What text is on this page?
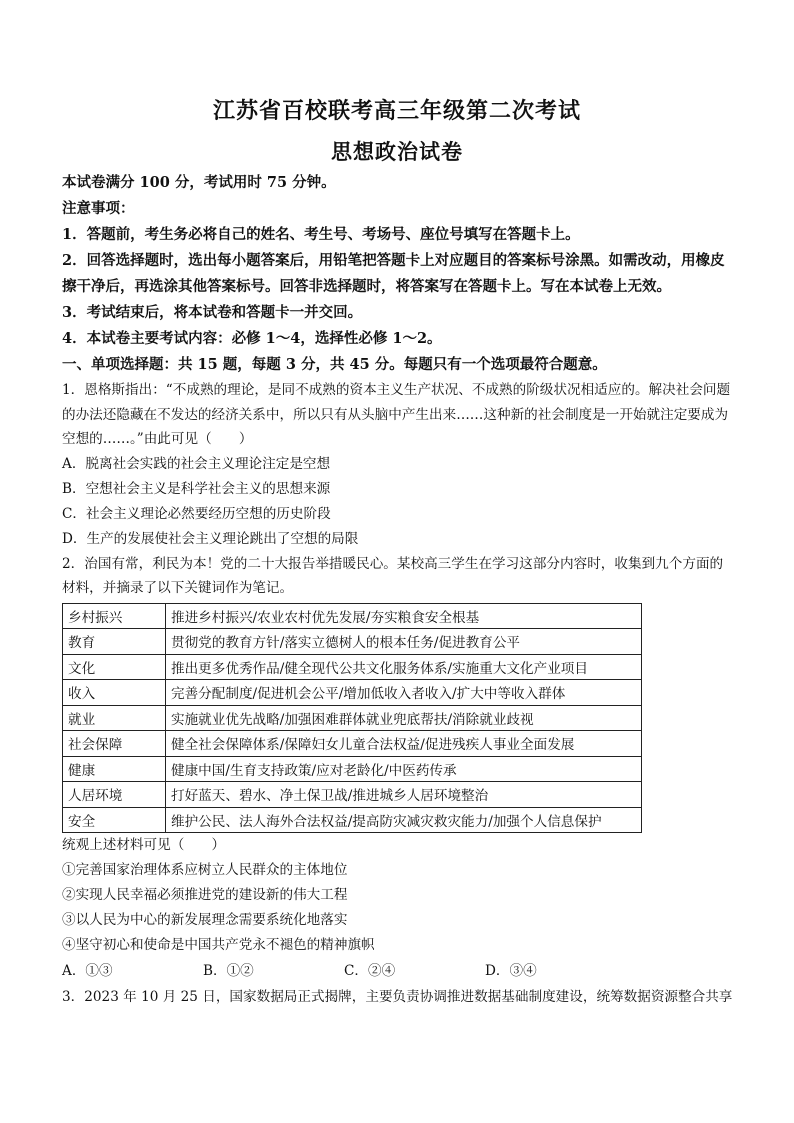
江苏省百校联考高三年级第二次考试
思想政治试卷
本试卷满分 100 分，考试用时 75 分钟。
注意事项：
1．答题前，考生务必将自己的姓名、考生号、考场号、座位号填写在答题卡上。
2．回答选择题时，选出每小题答案后，用铅笔把答题卡上对应题目的答案标号涂黑。如需改动，用橡皮擦干净后，再选涂其他答案标号。回答非选择题时，将答案写在答题卡上。写在本试卷上无效。
3．考试结束后，将本试卷和答题卡一并交回。
4．本试卷主要考试内容：必修 1～4，选择性必修 1～2。
一、单项选择题：共 15 题，每题 3 分，共 45 分。每题只有一个选项最符合题意。
1．恩格斯指出：“不成熟的理论，是同不成熟的资本主义生产状况、不成熟的阶级状况相适应的。解决社会问题的办法还隐藏在不发达的经济关系中，所以只有从头脑中产生出来……这种新的社会制度是一开始就注定要成为空想的……。”由此可见（　　）
A．脱离社会实践的社会主义理论注定是空想
B．空想社会主义是科学社会主义的思想来源
C．社会主义理论必然要经历空想的历史阶段
D．生产的发展使社会主义理论跳出了空想的局限
2．治国有常，利民为本！党的二十大报告举措暖民心。某校高三学生在学习这部分内容时，收集到九个方面的材料，并摘录了以下关键词作为笔记。
乡村振兴	推进乡村振兴/农业农村优先发展/夯实粮食安全根基
教育	贯彻党的教育方针/落实立德树人的根本任务/促进教育公平
文化	推出更多优秀作品/健全现代公共文化服务体系/实施重大文化产业项目
收入	完善分配制度/促进机会公平/增加低收入者收入/扩大中等收入群体
就业	实施就业优先战略/加强困难群体就业兜底帮扶/消除就业歧视
社会保障	健全社会保障体系/保障妇女儿童合法权益/促进残疾人事业全面发展
健康	健康中国/生育支持政策/应对老龄化/中医药传承
人居环境	打好蓝天、碧水、净土保卫战/推进城乡人居环境整治
安全	维护公民、法人海外合法权益/提高防灾减灾救灾能力/加强个人信息保护
统观上述材料可见（　　）
①完善国家治理体系应树立人民群众的主体地位
②实现人民幸福必须推进党的建设新的伟大工程
③以人民为中心的新发展理念需要系统化地落实
④坚守初心和使命是中国共产党永不褪色的精神旗帜
A．①③	B．①②	C．②④	D．③④
3．2023 年 10 月 25 日，国家数据局正式揭牌，主要负责协调推进数据基础制度建设，统筹数据资源整合共享
